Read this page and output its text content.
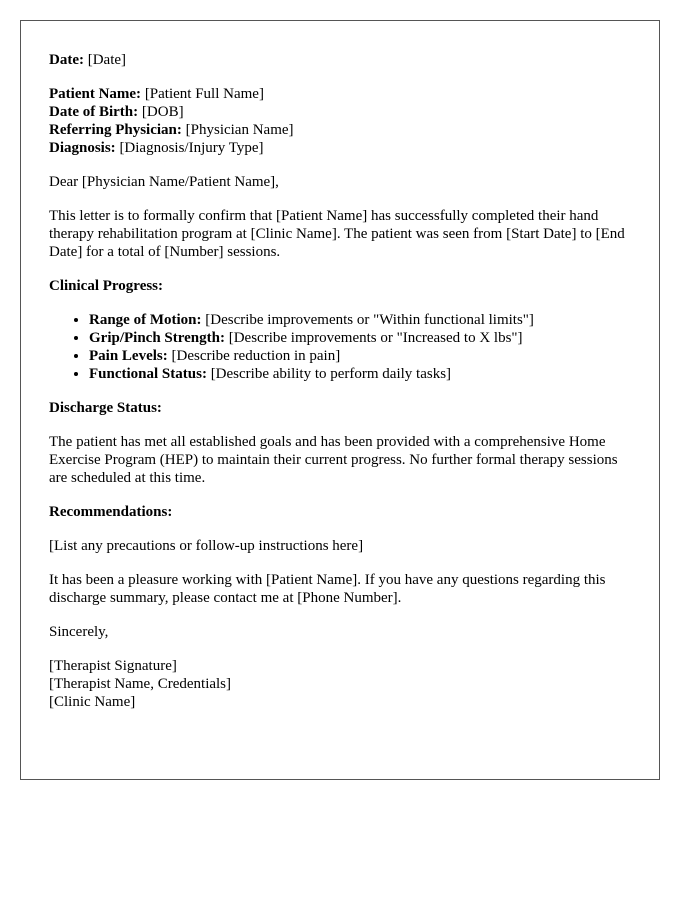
Date: [Date]

Patient Name: [Patient Full Name]
Date of Birth: [DOB]
Referring Physician: [Physician Name]
Diagnosis: [Diagnosis/Injury Type]

Dear [Physician Name/Patient Name],

This letter is to formally confirm that [Patient Name] has successfully completed their hand therapy rehabilitation program at [Clinic Name]. The patient was seen from [Start Date] to [End Date] for a total of [Number] sessions.

Clinical Progress:

• Range of Motion: [Describe improvements or "Within functional limits"]
• Grip/Pinch Strength: [Describe improvements or "Increased to X lbs"]
• Pain Levels: [Describe reduction in pain]
• Functional Status: [Describe ability to perform daily tasks]

Discharge Status:

The patient has met all established goals and has been provided with a comprehensive Home Exercise Program (HEP) to maintain their current progress. No further formal therapy sessions are scheduled at this time.

Recommendations:

[List any precautions or follow-up instructions here]

It has been a pleasure working with [Patient Name]. If you have any questions regarding this discharge summary, please contact me at [Phone Number].

Sincerely,

[Therapist Signature]
[Therapist Name, Credentials]
[Clinic Name]
